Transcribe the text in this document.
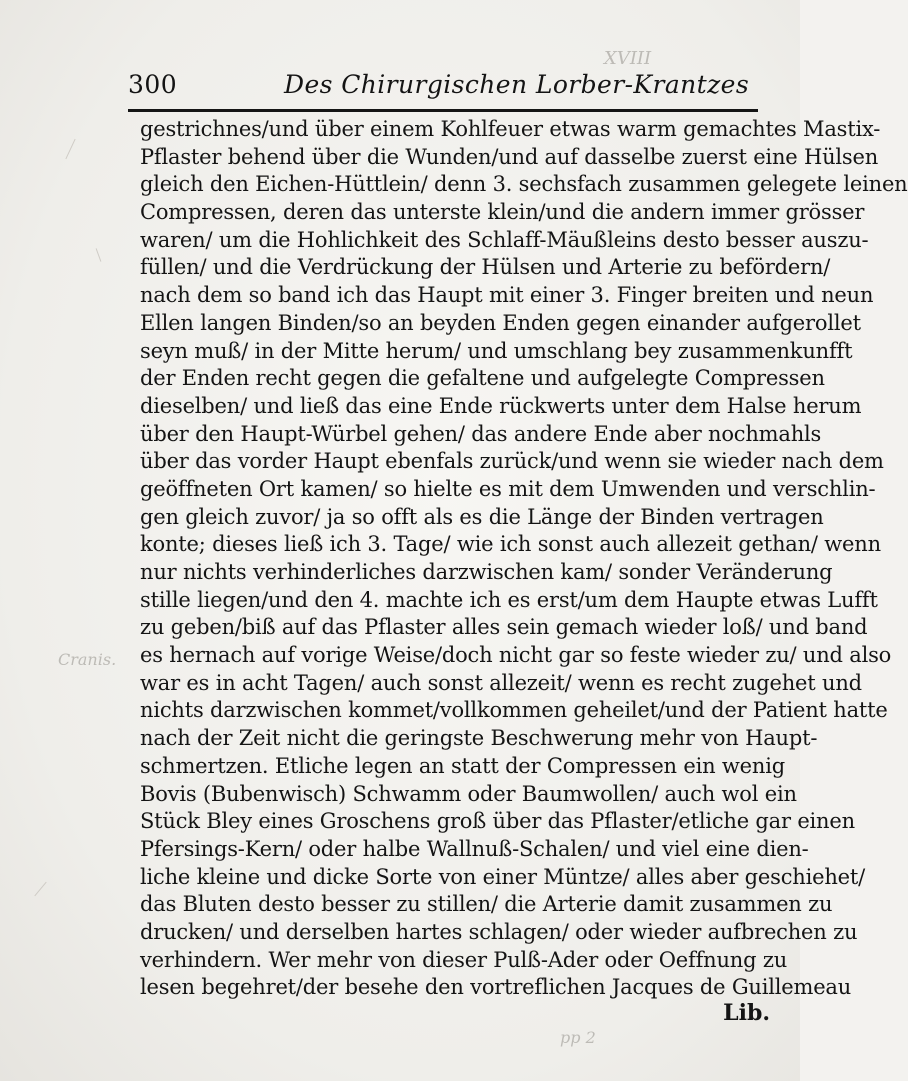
XVIII
Cranis.
pp 2
300	Des Chirurgischen Lorber-Krantzes
gestrichnes/und über einem Kohlfeuer etwas warm gemachtes Mastix-
Pflaster behend über die Wunden/und auf dasselbe zuerst eine Hülsen
gleich den Eichen-Hüttlein/ denn 3. sechsfach zusammen gelegete leinen
Compressen, deren das unterste klein/und die andern immer grösser
waren/ um die Hohlichkeit des Schlaff-Mäußleins desto besser auszu-
füllen/ und die Verdrückung der Hülsen und Arterie zu befördern/
nach dem so band ich das Haupt mit einer 3. Finger breiten und neun
Ellen langen Binden/so an beyden Enden gegen einander aufgerollet
seyn muß/ in der Mitte herum/ und umschlang bey zusammenkunfft
der Enden recht gegen die gefaltene und aufgelegte Compressen
dieselben/ und ließ das eine Ende rückwerts unter dem Halse herum
über den Haupt-Würbel gehen/ das andere Ende aber nochmahls
über das vorder Haupt ebenfals zurück/und wenn sie wieder nach dem
geöffneten Ort kamen/ so hielte es mit dem Umwenden und verschlin-
gen gleich zuvor/ ja so offt als es die Länge der Binden vertragen
konte; dieses ließ ich 3. Tage/ wie ich sonst auch allezeit gethan/ wenn
nur nichts verhinderliches darzwischen kam/ sonder Veränderung
stille liegen/und den 4. machte ich es erst/um dem Haupte etwas Lufft
zu geben/biß auf das Pflaster alles sein gemach wieder loß/ und band
es hernach auf vorige Weise/doch nicht gar so feste wieder zu/ und also
war es in acht Tagen/ auch sonst allezeit/ wenn es recht zugehet und
nichts darzwischen kommet/vollkommen geheilet/und der Patient hatte
nach der Zeit nicht die geringste Beschwerung mehr von Haupt-
schmertzen. Etliche legen an statt der Compressen ein wenig
Bovis (Bubenwisch) Schwamm oder Baumwollen/ auch wol ein
Stück Bley eines Groschens groß über das Pflaster/etliche gar einen
Pfersings-Kern/ oder halbe Wallnuß-Schalen/ und viel eine dien-
liche kleine und dicke Sorte von einer Müntze/ alles aber geschiehet/
das Bluten desto besser zu stillen/ die Arterie damit zusammen zu
drucken/ und derselben hartes schlagen/ oder wieder aufbrechen zu
verhindern. Wer mehr von dieser Pulß-Ader oder Oeffnung zu
lesen begehret/der besehe den vortreflichen Jacques de Guillemeau
Lib.
